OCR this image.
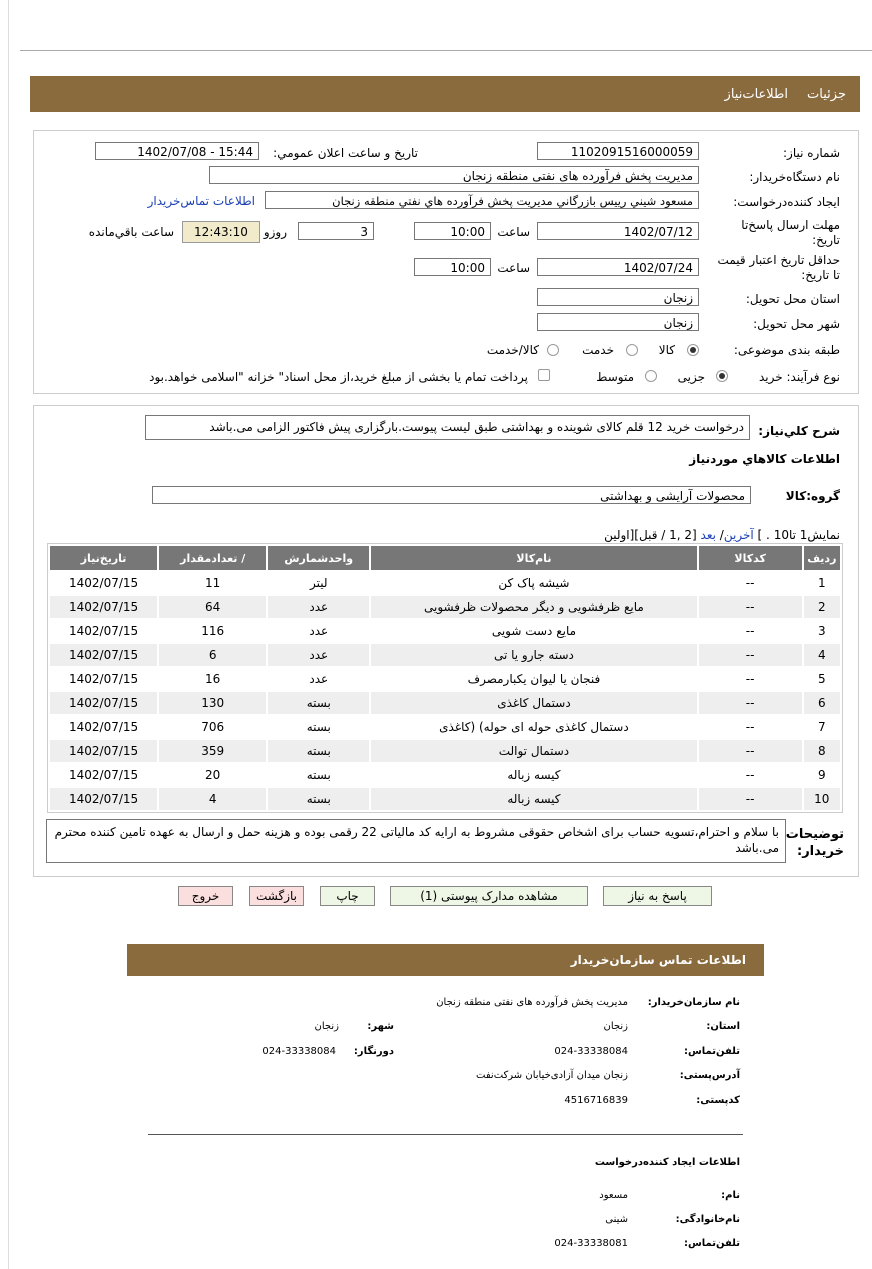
جزئیات
اطلاعات‌نیاز
شماره نیاز:
1102091516000059
تاریخ و ساعت اعلان عمومي:
1402/07/08 - 15:44
نام دستگاه‌خریدار:
مدیریت پخش فرآورده های نفتی منطقه زنجان
ایجاد کننده‌درخواست:
مسعود شيني رييس بازرگاني مديريت پخش فرآورده هاي نفتي منطقه زنجان
اطلاعات تماس‌خریدار
مهلت ارسال پاسخ‌تا تاریخ:
1402/07/12
ساعت
10:00
3
روزو
12:43:10
ساعت باقي‌مانده
حداقل تاریخ اعتبار قیمت تا تاریخ:
1402/07/24
ساعت
10:00
استان محل تحویل:
زنجان
شهر محل تحویل:
زنجان
طبقه بندی موضوعی:
کالا
خدمت
کالا/خدمت
نوع فرآیند: خرید
جزیی
متوسط
پرداخت تمام یا بخشی از مبلغ خرید،از محل اسناد" خزانه "اسلامی خواهد.بود
شرح کلي‌نیاز:
درخواست خرید 12 قلم کالای شوینده و بهداشتی طبق لیست پیوست.بارگزاری پیش فاکتور الزامی می.باشد
اطلاعات کالاهاي موردنیاز
گروه:کالا
محصولات آرایشی و بهداشتی
نمایش1 تا10 . ] آخرین/ بعد [2 ,1 / قبل][اولین
ردیف	کدکالا	نام‌کالا	واحدشمارش	/ تعدادمقدار	تاریخ‌نیاز
1	--	شیشه پاک کن	لیتر	11	1402/07/15
2	--	مایع ظرفشویی و دیگر محصولات ظرفشویی	عدد	64	1402/07/15
3	--	مایع دست شویی	عدد	116	1402/07/15
4	--	دسته جارو یا تی	عدد	6	1402/07/15
5	--	فنجان یا لیوان یکبارمصرف	عدد	16	1402/07/15
6	--	دستمال کاغذی	بسته	130	1402/07/15
7	--	دستمال کاغذی حوله ای حوله) (کاغذی	بسته	706	1402/07/15
8	--	دستمال توالت	بسته	359	1402/07/15
9	--	کیسه زباله	بسته	20	1402/07/15
10	--	کیسه زباله	بسته	4	1402/07/15
توضیحات خریدار:
با سلام و احترام،تسویه حساب برای اشخاص حقوقی مشروط به ارایه کد مالیاتی 22 رقمی بوده و هزینه حمل و ارسال به عهده تامین کننده محترم می.باشد
پاسخ به نیاز
مشاهده مدارک پیوستی (1)
چاپ
بازگشت
خروج
اطلاعات تماس سازمان‌خریدار
نام سازمان‌خریدار:
مدیریت پخش فرآورده های نفتی منطقه زنجان
استان:
زنجان
شهر:
زنجان
تلفن‌تماس:
024-33338084
دورنگار:
024-33338084
آدرس‌پستی:
زنجان میدان آزادی‌خیابان شرکت‌نفت
کدپستی:
4516716839
اطلاعات ایجاد کننده‌درخواست
نام:
مسعود
نام‌خانوادگی:
شینی
تلفن‌تماس:
024-33338081
